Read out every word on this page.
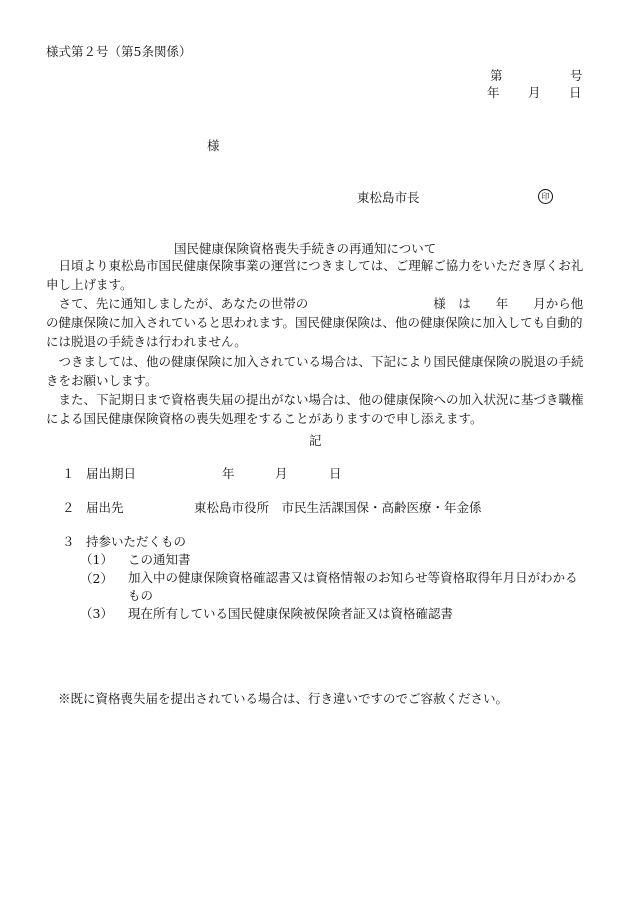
様式第２号（第5条関係）
第	号
年 月 日
様
東松島市長	印
国民健康保険資格喪失手続きの再通知について
　日頃より東松島市国民健康保険事業の運営につきましては、ご理解ご協力をいただき厚くお礼申し上げます。
　さて、先に通知しましたが、あなたの世帯の　　　　　　　　　　様　は　　年　　月から他の健康保険に加入されていると思われます。国民健康保険は、他の健康保険に加入しても自動的には脱退の手続きは行われません。
　つきましては、他の健康保険に加入されている場合は、下記により国民健康保険の脱退の手続きをお願いします。
　また、下記期日まで資格喪失届の提出がない場合は、他の健康保険への加入状況に基づき職権による国民健康保険資格の喪失処理をすることがありますので申し添えます。
記
１ 届出期日	年	月	日
２ 届出先	東松島市役所　市民生活課国保・高齢医療・年金係
３ 持参いただくもの
（1） この通知書
（2） 加入中の健康保険資格確認書又は資格情報のお知らせ等資格取得年月日がわかるもの
（3） 現在所有している国民健康保険被保険者証又は資格確認書
※既に資格喪失届を提出されている場合は、行き違いですのでご容赦ください。
